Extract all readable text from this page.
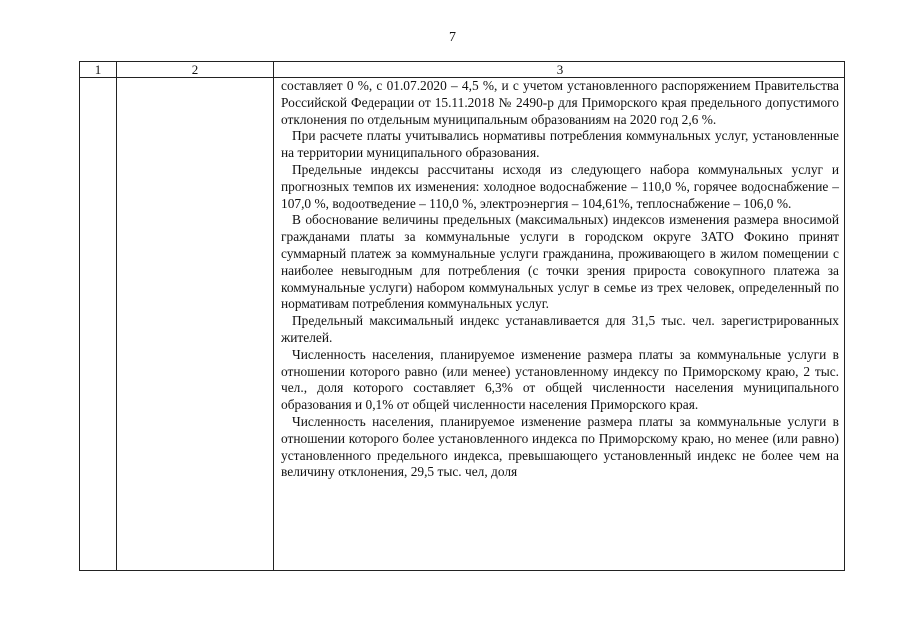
7
1	2	3

составляет 0 %, с 01.07.2020 – 4,5 %, и с учетом установленного распоряжением Правительства Российской Федерации от 15.11.2018 № 2490-р для Приморского края предельного допустимого отклонения по отдельным муниципальным образованиям на 2020 год 2,6 %.

При расчете платы учитывались нормативы потребления коммунальных услуг, установленные на территории муниципального образования.

Предельные индексы рассчитаны исходя из следующего набора коммунальных услуг и прогнозных темпов их изменения: холодное водоснабжение – 110,0 %, горячее водоснабжение – 107,0 %, водоотведение – 110,0 %, электроэнергия – 104,61%, теплоснабжение – 106,0 %.

В обоснование величины предельных (максимальных) индексов изменения размера вносимой гражданами платы за коммунальные услуги в городском округе ЗАТО Фокино принят суммарный платеж за коммунальные услуги гражданина, проживающего в жилом помещении с наиболее невыгодным для потребления (с точки зрения прироста совокупного платежа за коммунальные услуги) набором коммунальных услуг в семье из трех человек, определенный по нормативам потребления коммунальных услуг.

Предельный максимальный индекс устанавливается для 31,5 тыс. чел. зарегистрированных жителей.

Численность населения, планируемое изменение размера платы за коммунальные услуги в отношении которого равно (или менее) установленному индексу по Приморскому краю, 2 тыс. чел., доля которого составляет 6,3% от общей численности населения муниципального образования и 0,1% от общей численности населения Приморского края.

Численность населения, планируемое изменение размера платы за коммунальные услуги в отношении которого более установленного индекса по Приморскому краю, но менее (или равно) установленного предельного индекса, превышающего установленный индекс не более чем на величину отклонения, 29,5 тыс. чел, доля
